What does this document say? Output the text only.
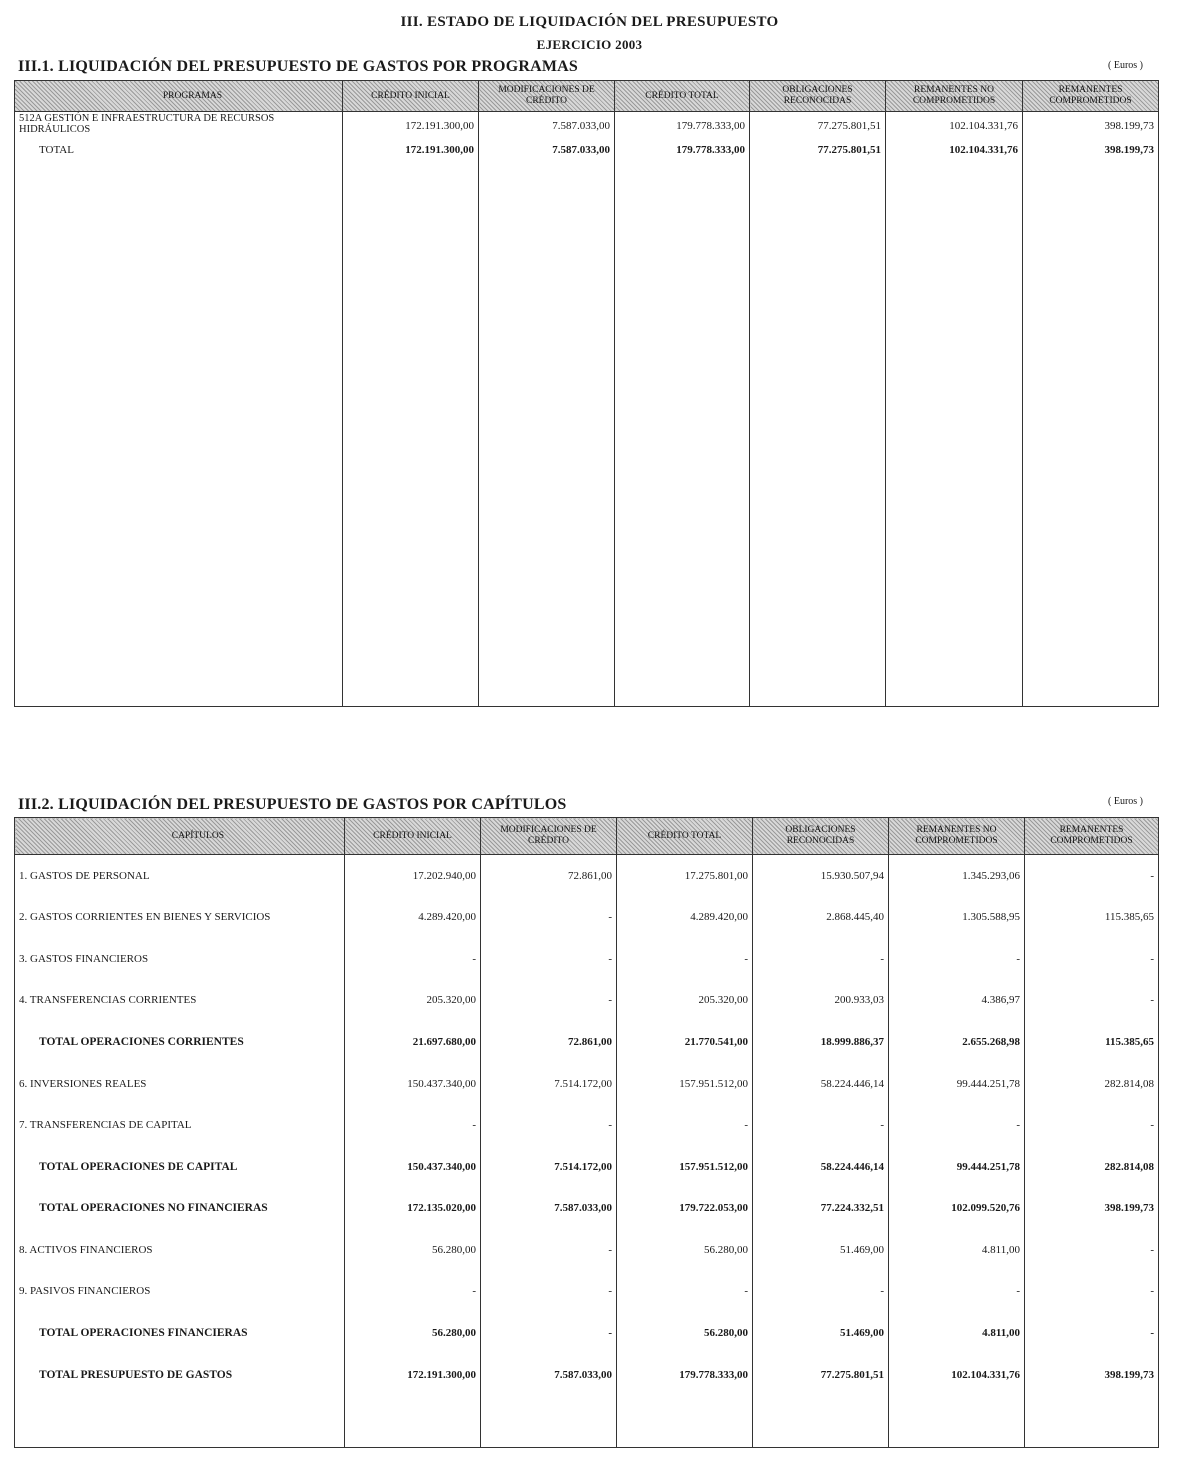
III. ESTADO DE LIQUIDACIÓN DEL PRESUPUESTO
EJERCICIO 2003
III.1. LIQUIDACIÓN DEL PRESUPUESTO DE GASTOS POR PROGRAMAS	( Euros )
PROGRAMAS	CRÉDITO INICIAL	MODIFICACIONES DE CRÉDITO	CRÉDITO TOTAL	OBLIGACIONES RECONOCIDAS	REMANENTES NO COMPROMETIDOS	REMANENTES COMPROMETIDOS
512A GESTIÓN E INFRAESTRUCTURA DE RECURSOS HIDRÁULICOS	172.191.300,00	7.587.033,00	179.778.333,00	77.275.801,51	102.104.331,76	398.199,73
TOTAL	172.191.300,00	7.587.033,00	179.778.333,00	77.275.801,51	102.104.331,76	398.199,73

III.2. LIQUIDACIÓN DEL PRESUPUESTO DE GASTOS POR CAPÍTULOS	( Euros )
CAPÍTULOS	CRÉDITO INICIAL	MODIFICACIONES DE CRÉDITO	CRÉDITO TOTAL	OBLIGACIONES RECONOCIDAS	REMANENTES NO COMPROMETIDOS	REMANENTES COMPROMETIDOS
1. GASTOS DE PERSONAL	17.202.940,00	72.861,00	17.275.801,00	15.930.507,94	1.345.293,06	-
2. GASTOS CORRIENTES EN BIENES Y SERVICIOS	4.289.420,00	-	4.289.420,00	2.868.445,40	1.305.588,95	115.385,65
3. GASTOS FINANCIEROS	-	-	-	-	-	-
4. TRANSFERENCIAS CORRIENTES	205.320,00	-	205.320,00	200.933,03	4.386,97	-
TOTAL OPERACIONES CORRIENTES	21.697.680,00	72.861,00	21.770.541,00	18.999.886,37	2.655.268,98	115.385,65
6. INVERSIONES REALES	150.437.340,00	7.514.172,00	157.951.512,00	58.224.446,14	99.444.251,78	282.814,08
7. TRANSFERENCIAS DE CAPITAL	-	-	-	-	-	-
TOTAL OPERACIONES DE CAPITAL	150.437.340,00	7.514.172,00	157.951.512,00	58.224.446,14	99.444.251,78	282.814,08
TOTAL OPERACIONES NO FINANCIERAS	172.135.020,00	7.587.033,00	179.722.053,00	77.224.332,51	102.099.520,76	398.199,73
8. ACTIVOS FINANCIEROS	56.280,00	-	56.280,00	51.469,00	4.811,00	-
9. PASIVOS FINANCIEROS	-	-	-	-	-	-
TOTAL OPERACIONES FINANCIERAS	56.280,00	-	56.280,00	51.469,00	4.811,00	-
TOTAL PRESUPUESTO DE GASTOS	172.191.300,00	7.587.033,00	179.778.333,00	77.275.801,51	102.104.331,76	398.199,73
